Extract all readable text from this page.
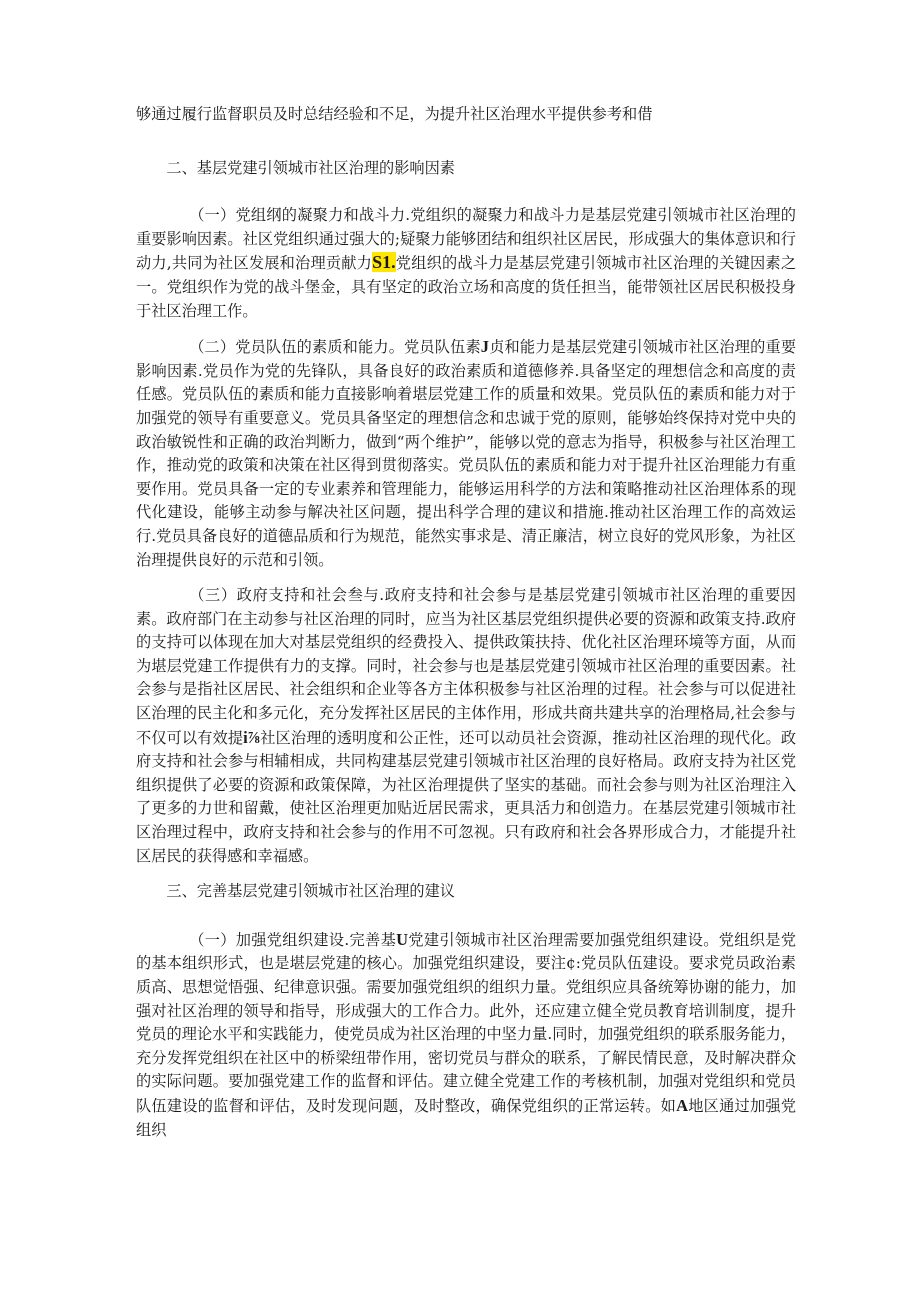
够通过履行监督职员及时总结经验和不足，为提升社区治理水平提供参考和借

二、基层党建引领城市社区治理的影响因素

（一）党组纲的凝聚力和战斗力.党组织的凝聚力和战斗力是基层党建引领城市社区治理的重要影响因素。社区党组织通过强大的;疑聚力能够团结和组织社区居民，形成强大的集体意识和行动力,共同为社区发展和治理贡献力S1.党组织的战斗力是基层党建引领城市社区治理的关键因素之一。党组织作为党的战斗堡金，具有坚定的政治立场和高度的货任担当，能带领社区居民积极投身于社区治理工作。

（二）党员队伍的素质和能力。党员队伍素J贞和能力是基层党建引领城市社区治理的重要影响因素.党员作为党的先锋队，具备良好的政治素质和道德修养.具备坚定的理想信念和高度的责任感。党员队伍的素质和能力直接影响着堪层党建工作的质量和效果。党员队伍的素质和能力对于加强党的领导有重要意义。党员具备坚定的理想信念和忠诚于党的原则，能够始终保持对党中央的政治敏锐性和正确的政治判断力，做到“两个维护”，能够以党的意志为指导，积极参与社区治理工作，推动党的政策和决策在社区得到贯彻落实。党员队伍的素质和能力对于提升社区治理能力有重要作用。党员具备一定的专业素养和管理能力，能够运用科学的方法和策略推动社区治理体系的现代化建设，能够主动参与解决社区问题，提出科学合理的建议和措施.推动社区治理工作的高效运行.党员具备良好的道德品质和行为规范，能然实事求是、清正廉洁，树立良好的党风形象，为社区治理提供良好的示范和引领。

（三）政府支持和社会叁与.政府支持和社会参与是基层党建引领城市社区治理的重要因素。政府部门在主动参与社区治理的同时，应当为社区基层党组织提供必要的资源和政策支持.政府的支持可以体现在加大对基层党组织的经费投入、提供政策扶持、优化社区治理环境等方面，从而为堪层党建工作提供有力的支撑。同时，社会参与也是基层党建引领城市社区治理的重要因素。社会参与是指社区居民、社会组织和企业等各方主体积极参与社区治理的过程。社会参与可以促进社区治理的民主化和多元化，充分发挥社区居民的主体作用，形成共商共建共享的治理格局,社会参与不仅可以有效提i⅞社区治理的透明度和公正性，还可以动员社会资源，推动社区治理的现代化。政府支持和社会参与相辅相成，共同构建基层党建引领城市社区治理的良好格局。政府支持为社区党组织提供了必要的资源和政策保障，为社区治理提供了坚实的基础。而社会参与则为社区治理注入了更多的力世和留戴，使社区治理更加贴近居民需求，更具活力和创造力。在基层党建引领城市社区治理过程中，政府支持和社会参与的作用不可忽视。只有政府和社会各界形成合力，才能提升社区居民的获得感和幸福感。

三、完善基层党建引领城市社区治理的建议

（一）加强党组织建设.完善基U党建引领城市社区治理需要加强党组织建设。党组织是党的基本组织形式，也是堪层党建的核心。加强党组织建设，要注¢:党员队伍建设。要求党员政治素质高、思想觉悟强、纪律意识强。需要加强党组织的组织力量。党组织应具备统筹协谢的能力，加强对社区治理的领导和指导，形成强大的工作合力。此外，还应建立健全党员教育培训制度，提升党员的理论水平和实践能力，使党员成为社区治理的中坚力量.同时，加强党组织的联系服务能力，充分发挥党组织在社区中的桥梁纽带作用，密切党员与群众的联系，了解民情民意，及时解决群众的实际问题。要加强党建工作的监督和评估。建立健全党建工作的考核机制，加强对党组织和党员队伍建设的监督和评估，及时发现问题，及时整改，确保党组织的正常运转。如A地区通过加强党组织
